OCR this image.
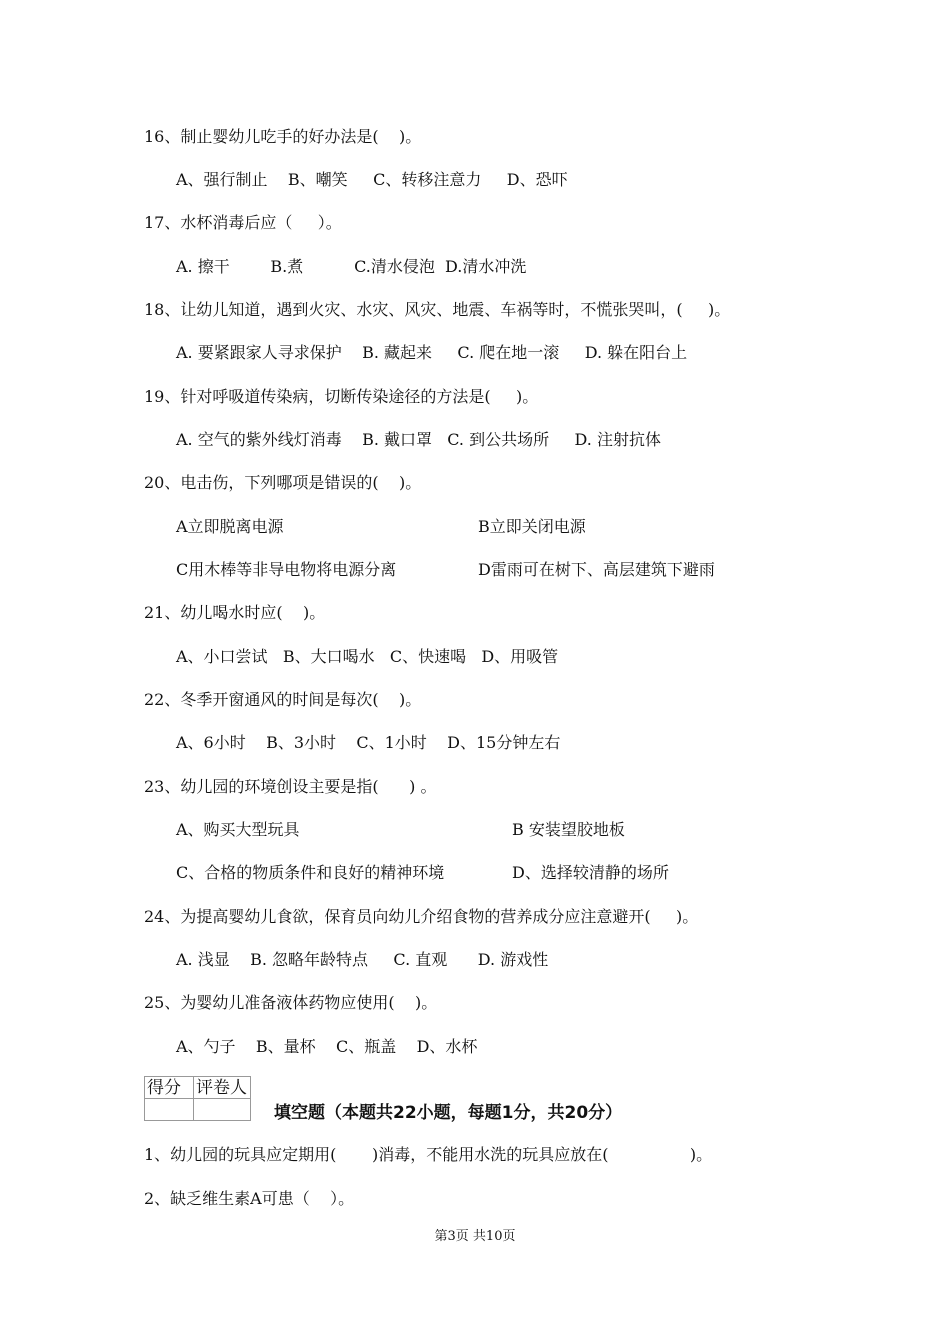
16、制止婴幼儿吃手的好办法是(    )。
A、强行制止    B、嘲笑     C、转移注意力     D、恐吓
17、水杯消毒后应（     ）。
A. 擦干        B.煮          C.清水侵泡  D.清水冲洗
18、让幼儿知道，遇到火灾、水灾、风灾、地震、车祸等时，不慌张哭叫，(     )。
A. 要紧跟家人寻求保护    B. 藏起来     C. 爬在地一滚     D. 躲在阳台上
19、针对呼吸道传染病，切断传染途径的方法是(     )。
A. 空气的紫外线灯消毒    B. 戴口罩   C. 到公共场所     D. 注射抗体
20、电击伤，下列哪项是错误的(    )。
A立即脱离电源	B立即关闭电源
C用木棒等非导电物将电源分离	D雷雨可在树下、高层建筑下避雨
21、幼儿喝水时应(    )。
A、小口尝试   B、大口喝水   C、快速喝   D、用吸管
22、冬季开窗通风的时间是每次(    )。
A、6小时    B、3小时    C、1小时    D、15分钟左右
23、幼儿园的环境创设主要是指(      ) 。
A、购买大型玩具	B 安装望胶地板
C、合格的物质条件和良好的精神环境	D、选择较清静的场所
24、为提高婴幼儿食欲，保育员向幼儿介绍食物的营养成分应注意避开(     )。
A. 浅显    B. 忽略年龄特点     C. 直观      D. 游戏性
25、为婴幼儿准备液体药物应使用(    )。
A、勺子    B、量杯    C、瓶盖    D、水杯
得分	评卷人

填空题（本题共22小题，每题1分，共20分）
1、幼儿园的玩具应定期用(       )消毒，不能用水洗的玩具应放在(                )。
2、缺乏维生素A可患（    ）。
第3页 共10页
